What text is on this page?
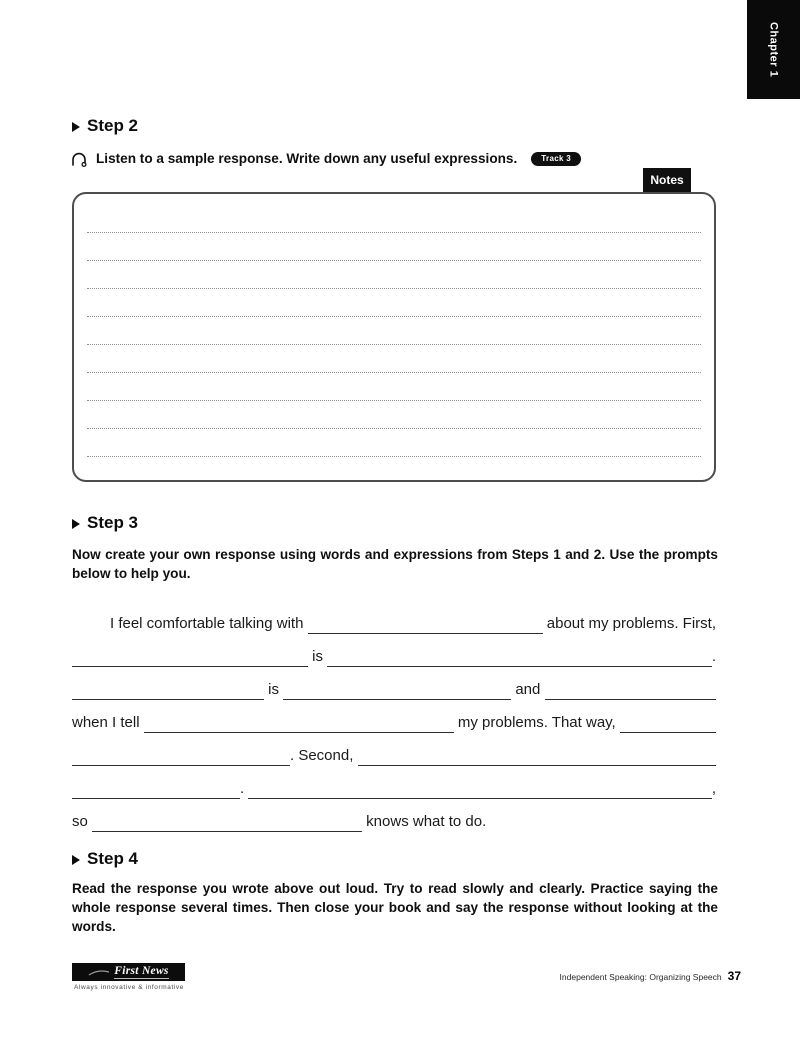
Chapter 1
Step 2
Listen to a sample response. Write down any useful expressions.	Track 3
Notes
Step 3
Now create your own response using words and expressions from Steps 1 and 2. Use the prompts below to help you.
I feel comfortable talking with	about my problems. First,
is	.
is	and
when I tell	my problems. That way,
. Second,
.	,
so	knows what to do.
Step 4
Read the response you wrote above out loud. Try to read slowly and clearly. Practice saying the whole response several times. Then close your book and say the response without looking at the words.
First News
Always innovative & informative
Independent Speaking: Organizing Speech 37
